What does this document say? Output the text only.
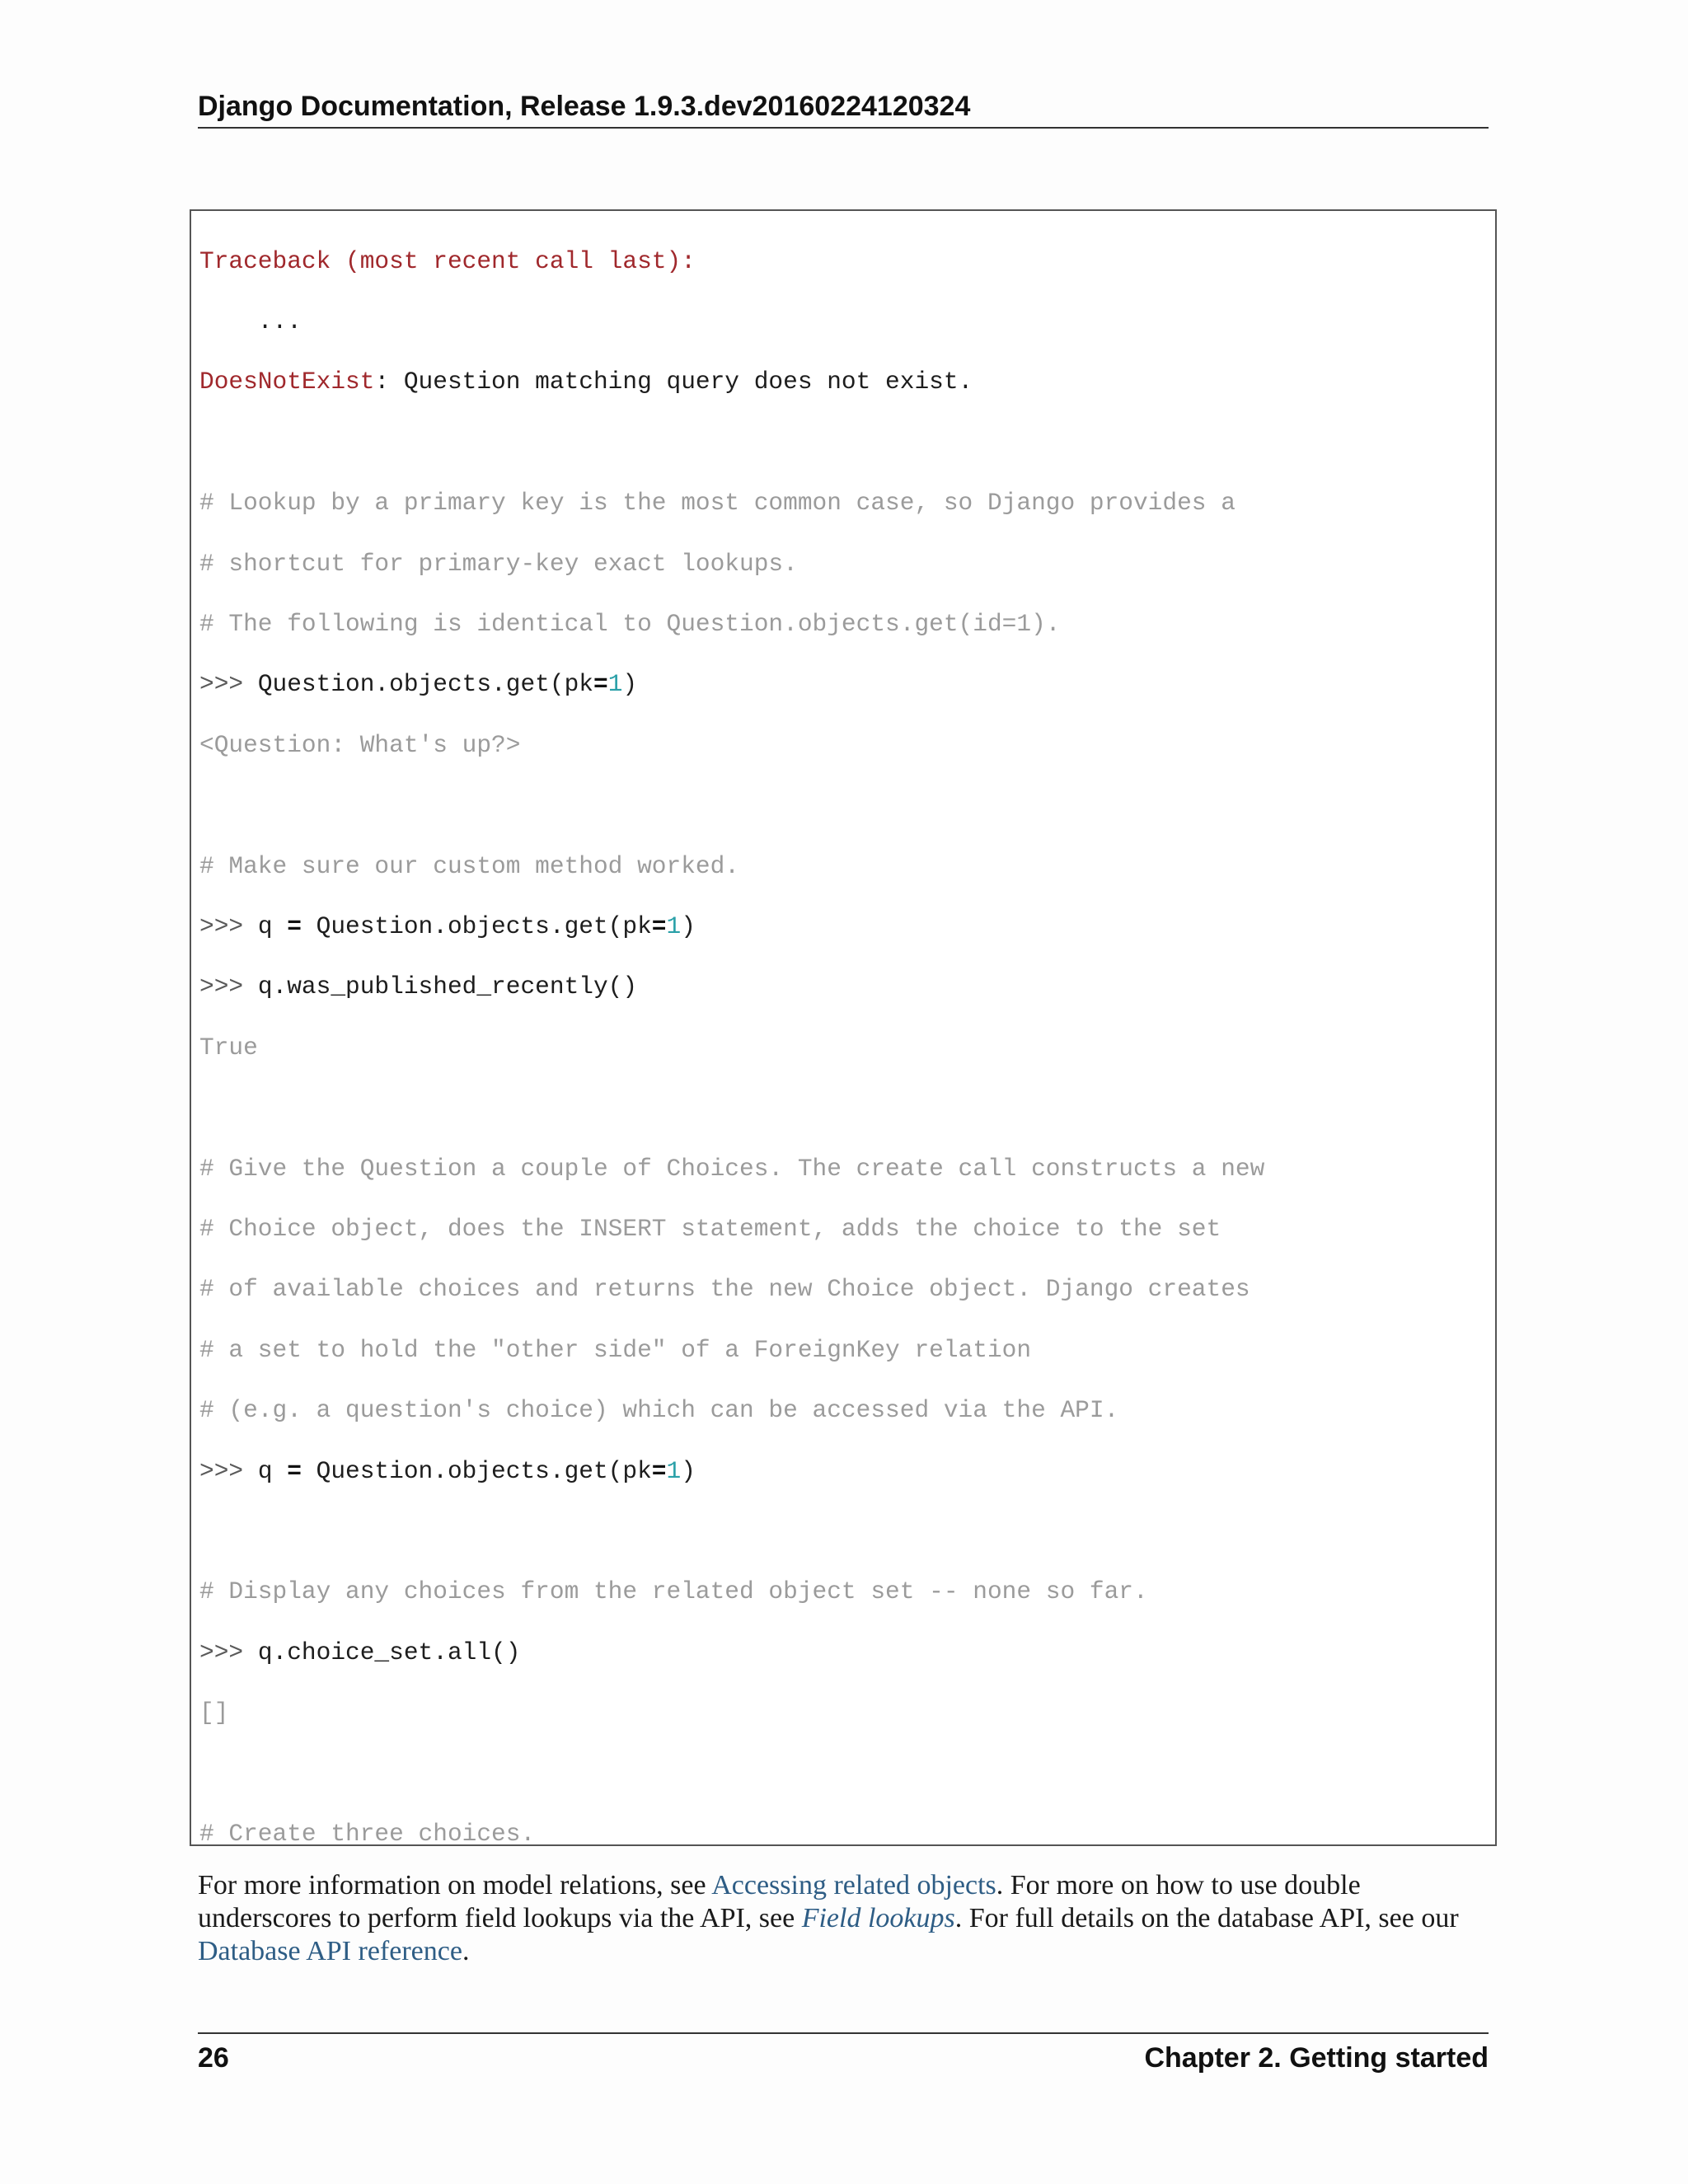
Django Documentation, Release 1.9.3.dev20160224120324

Traceback (most recent call last):

...

DoesNotExist: Question matching query does not exist.

# Lookup by a primary key is the most common case, so Django provides a

# shortcut for primary-key exact lookups.

# The following is identical to Question.objects.get(id=1).

>>> Question.objects.get(pk=1)

<Question: What's up?>

# Make sure our custom method worked.

>>> q = Question.objects.get(pk=1)

>>> q.was_published_recently()

True

# Give the Question a couple of Choices. The create call constructs a new

# Choice object, does the INSERT statement, adds the choice to the set

# of available choices and returns the new Choice object. Django creates

# a set to hold the "other side" of a ForeignKey relation

# (e.g. a question's choice) which can be accessed via the API.

>>> q = Question.objects.get(pk=1)

# Display any choices from the related object set -- none so far.

>>> q.choice_set.all()

[]

# Create three choices.

For more information on model relations, see Accessing related objects. For more on how to use double underscores to perform field lookups via the API, see Field lookups. For full details on the database API, see our Database API reference.
26	Chapter 2. Getting started
